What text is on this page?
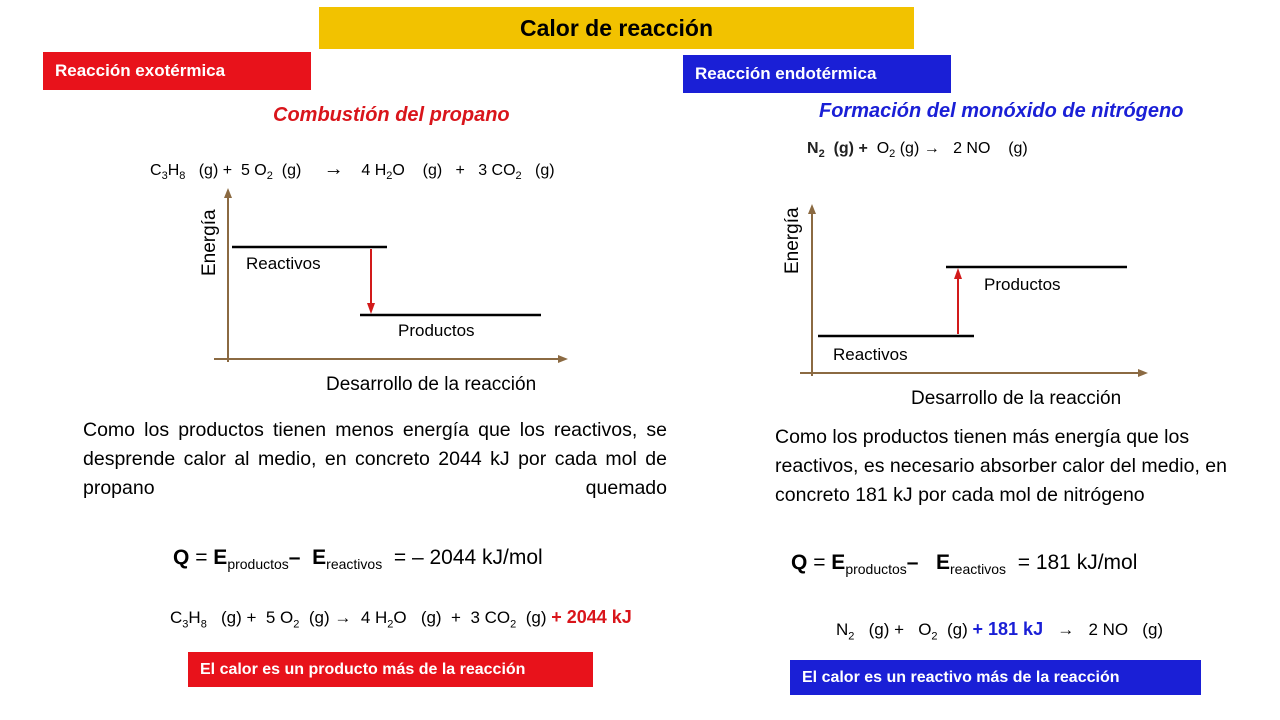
Calor de reacción
Reacción exotérmica
Combustión del propano
$C_3H_8$ (g) + 5 $O_2$ (g) → 4 $H_2O$ (g) + 3 $CO_2$ (g)
Energía Reactivos
Productos
Desarrollo de la reacción
Como los productos tienen menos energía que los reactivos, se desprende calor al medio, en concreto 2044 kJ por cada mol de propano quemado
$Q = E_{productos}-$ $E_{reactivos}$ = – 2044 kJ/mol
$C_3H_8$ (g) + 5 $O_2$ (g) → 4 $H_2O$ (g) + 3 $CO_2$ (g) + 2044 kJ
El calor es un producto más de la reacción
Reacción endotérmica
Formación del monóxido de nitrógeno
$N_2$ $(g) + O_2$ (g) → 2 NO (g)
Energía
Productos
Reactivos
Desarrollo de la reacción
Como los productos tienen más energía que los reactivos, es necesario absorber calor del medio, en concreto 181 kJ por cada mol de nitrógeno
$Q = E_{productos}-$ $E_{reactivos} = 181$ kJ/mol
$N_2$ $(g) + O_2$ (g) + 181 kJ → 2 NO (g)
El calor es un reactivo más de la reacción
